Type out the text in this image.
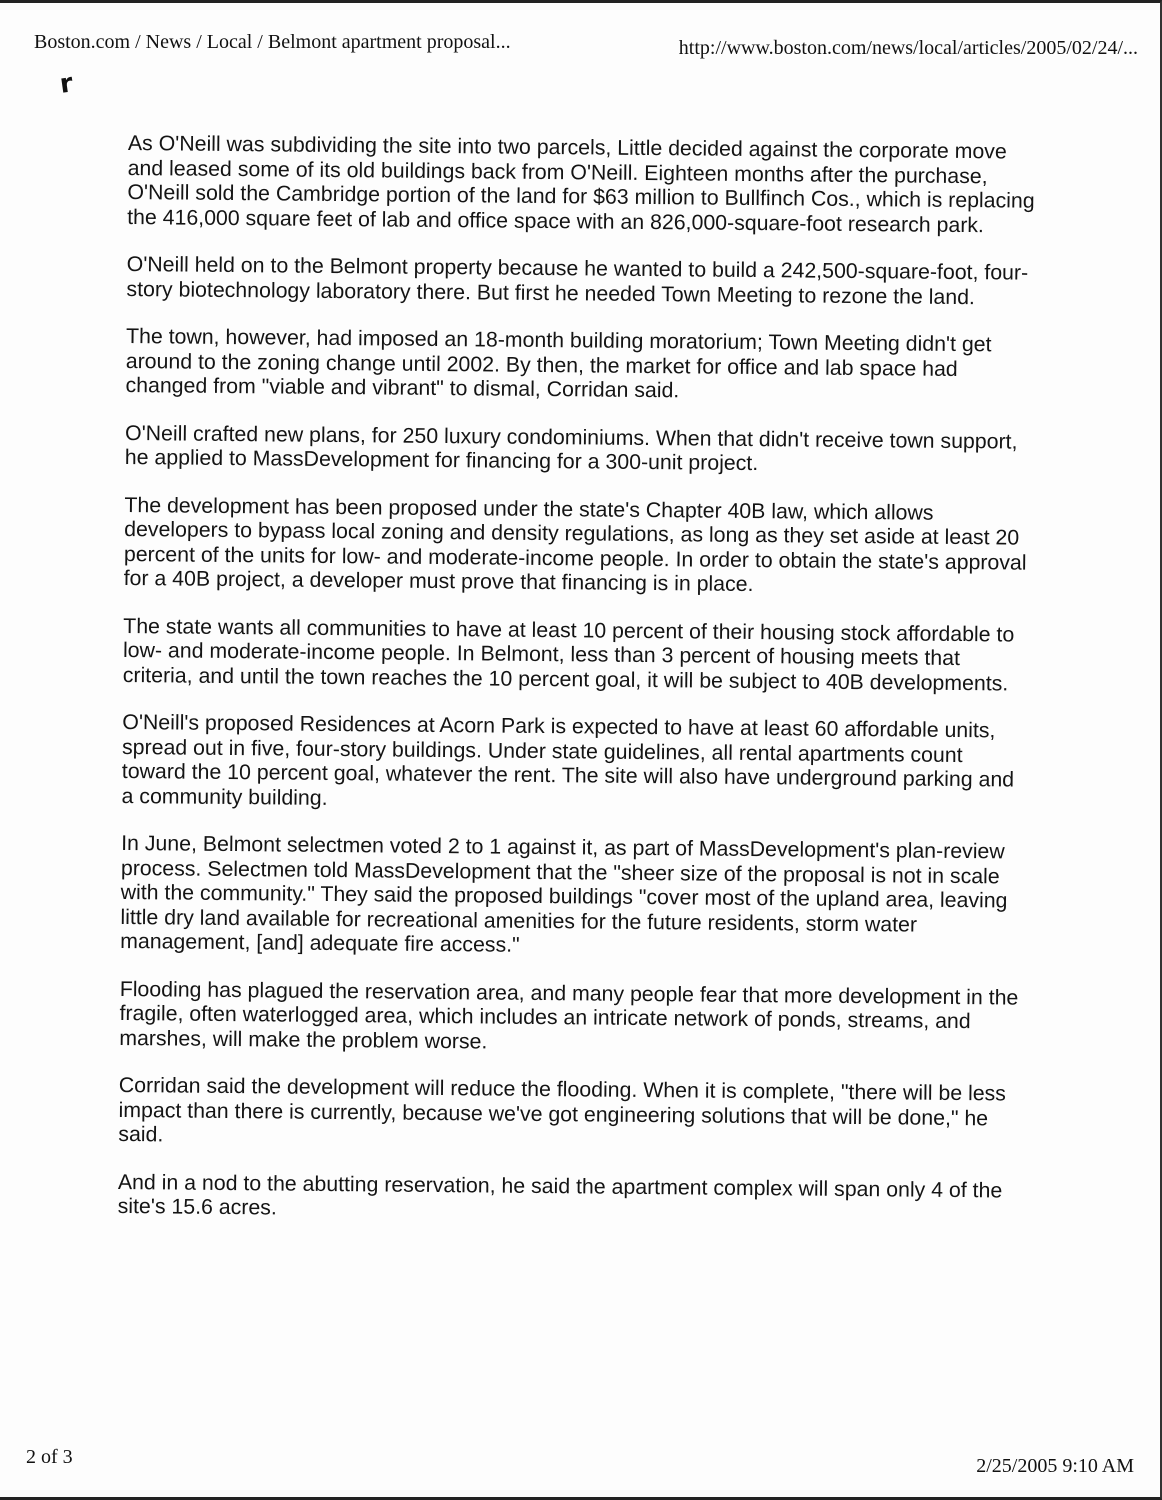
Boston.com / News / Local / Belmont apartment proposal...	http://www.boston.com/news/local/articles/2005/02/24/...
r

As O'Neill was subdividing the site into two parcels, Little decided against the corporate move and leased some of its old buildings back from O'Neill. Eighteen months after the purchase, O'Neill sold the Cambridge portion of the land for $63 million to Bullfinch Cos., which is replacing the 416,000 square feet of lab and office space with an 826,000-square-foot research park.

O'Neill held on to the Belmont property because he wanted to build a 242,500-square-foot, four-story biotechnology laboratory there. But first he needed Town Meeting to rezone the land.

The town, however, had imposed an 18-month building moratorium; Town Meeting didn't get around to the zoning change until 2002. By then, the market for office and lab space had changed from "viable and vibrant" to dismal, Corridan said.

O'Neill crafted new plans, for 250 luxury condominiums. When that didn't receive town support, he applied to MassDevelopment for financing for a 300-unit project.

The development has been proposed under the state's Chapter 40B law, which allows developers to bypass local zoning and density regulations, as long as they set aside at least 20 percent of the units for low- and moderate-income people. In order to obtain the state's approval for a 40B project, a developer must prove that financing is in place.

The state wants all communities to have at least 10 percent of their housing stock affordable to low- and moderate-income people. In Belmont, less than 3 percent of housing meets that criteria, and until the town reaches the 10 percent goal, it will be subject to 40B developments.

O'Neill's proposed Residences at Acorn Park is expected to have at least 60 affordable units, spread out in five, four-story buildings. Under state guidelines, all rental apartments count toward the 10 percent goal, whatever the rent. The site will also have underground parking and a community building.

In June, Belmont selectmen voted 2 to 1 against it, as part of MassDevelopment's plan-review process. Selectmen told MassDevelopment that the "sheer size of the proposal is not in scale with the community." They said the proposed buildings "cover most of the upland area, leaving little dry land available for recreational amenities for the future residents, storm water management, [and] adequate fire access."

Flooding has plagued the reservation area, and many people fear that more development in the fragile, often waterlogged area, which includes an intricate network of ponds, streams, and marshes, will make the problem worse.

Corridan said the development will reduce the flooding. When it is complete, "there will be less impact than there is currently, because we've got engineering solutions that will be done," he said.

And in a nod to the abutting reservation, he said the apartment complex will span only 4 of the site's 15.6 acres.

2 of 3	2/25/2005 9:10 AM
